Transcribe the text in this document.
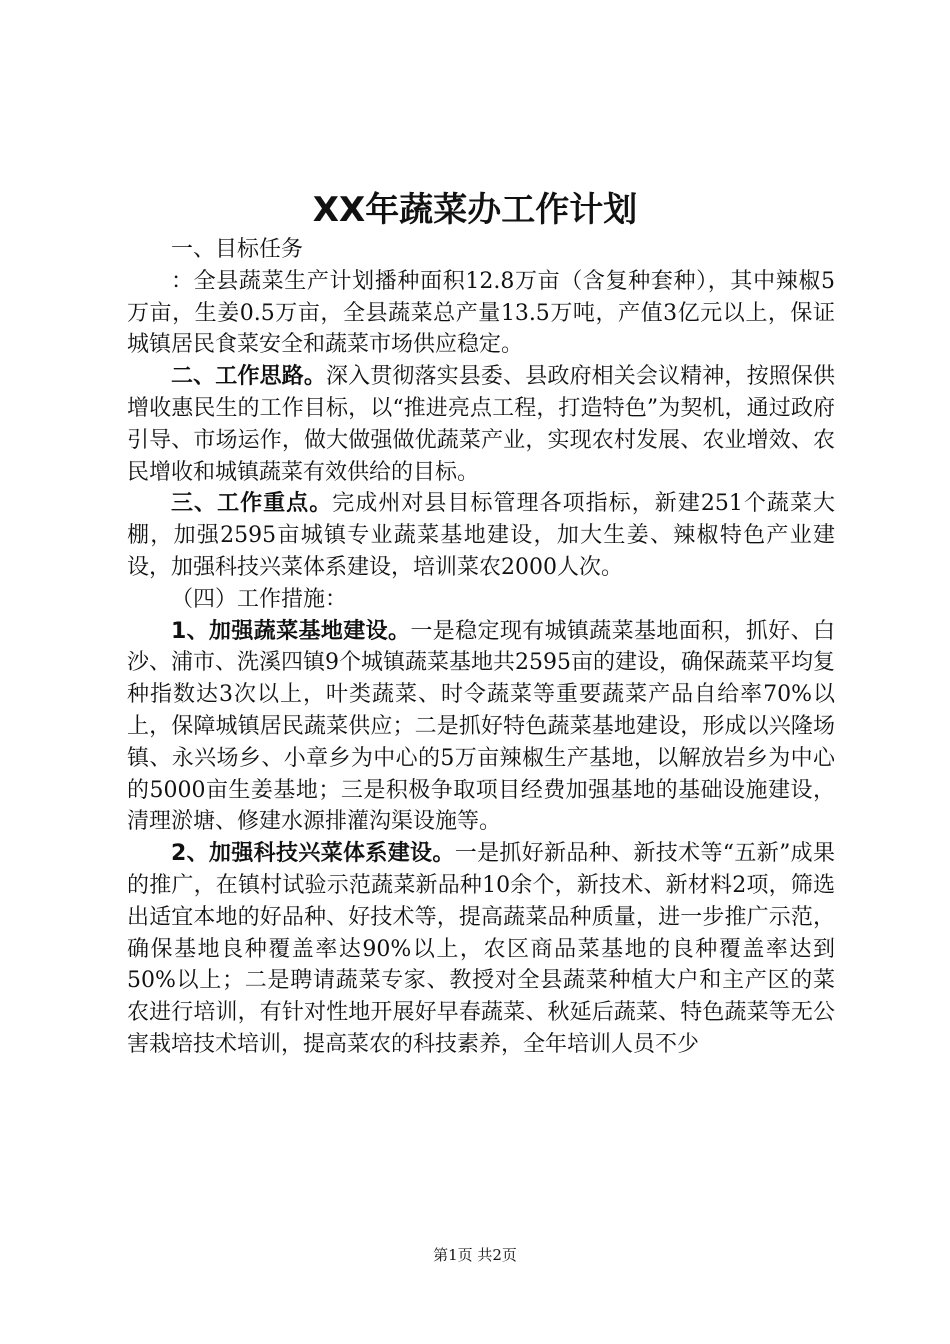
XX年蔬菜办工作计划

一、目标任务

：全县蔬菜生产计划播种面积12.8万亩（含复种套种），其中辣椒5万亩，生姜0.5万亩，全县蔬菜总产量13.5万吨，产值3亿元以上，保证城镇居民食菜安全和蔬菜市场供应稳定。

二、工作思路。深入贯彻落实县委、县政府相关会议精神，按照保供增收惠民生的工作目标，以“推进亮点工程，打造特色”为契机，通过政府引导、市场运作，做大做强做优蔬菜产业，实现农村发展、农业增效、农民增收和城镇蔬菜有效供给的目标。

三、工作重点。完成州对县目标管理各项指标，新建251个蔬菜大棚，加强2595亩城镇专业蔬菜基地建设，加大生姜、辣椒特色产业建设，加强科技兴菜体系建设，培训菜农2000人次。

（四）工作措施：

1、加强蔬菜基地建设。一是稳定现有城镇蔬菜基地面积，抓好、白沙、浦市、洗溪四镇9个城镇蔬菜基地共2595亩的建设，确保蔬菜平均复种指数达3次以上，叶类蔬菜、时令蔬菜等重要蔬菜产品自给率70%以上，保障城镇居民蔬菜供应；二是抓好特色蔬菜基地建设，形成以兴隆场镇、永兴场乡、小章乡为中心的5万亩辣椒生产基地，以解放岩乡为中心的5000亩生姜基地；三是积极争取项目经费加强基地的基础设施建设，清理淤塘、修建水源排灌沟渠设施等。

2、加强科技兴菜体系建设。一是抓好新品种、新技术等“五新”成果的推广，在镇村试验示范蔬菜新品种10余个，新技术、新材料2项，筛选出适宜本地的好品种、好技术等，提高蔬菜品种质量，进一步推广示范，确保基地良种覆盖率达90%以上，农区商品菜基地的良种覆盖率达到50%以上；二是聘请蔬菜专家、教授对全县蔬菜种植大户和主产区的菜农进行培训，有针对性地开展好早春蔬菜、秋延后蔬菜、特色蔬菜等无公害栽培技术培训，提高菜农的科技素养，全年培训人员不少

第1页 共2页
